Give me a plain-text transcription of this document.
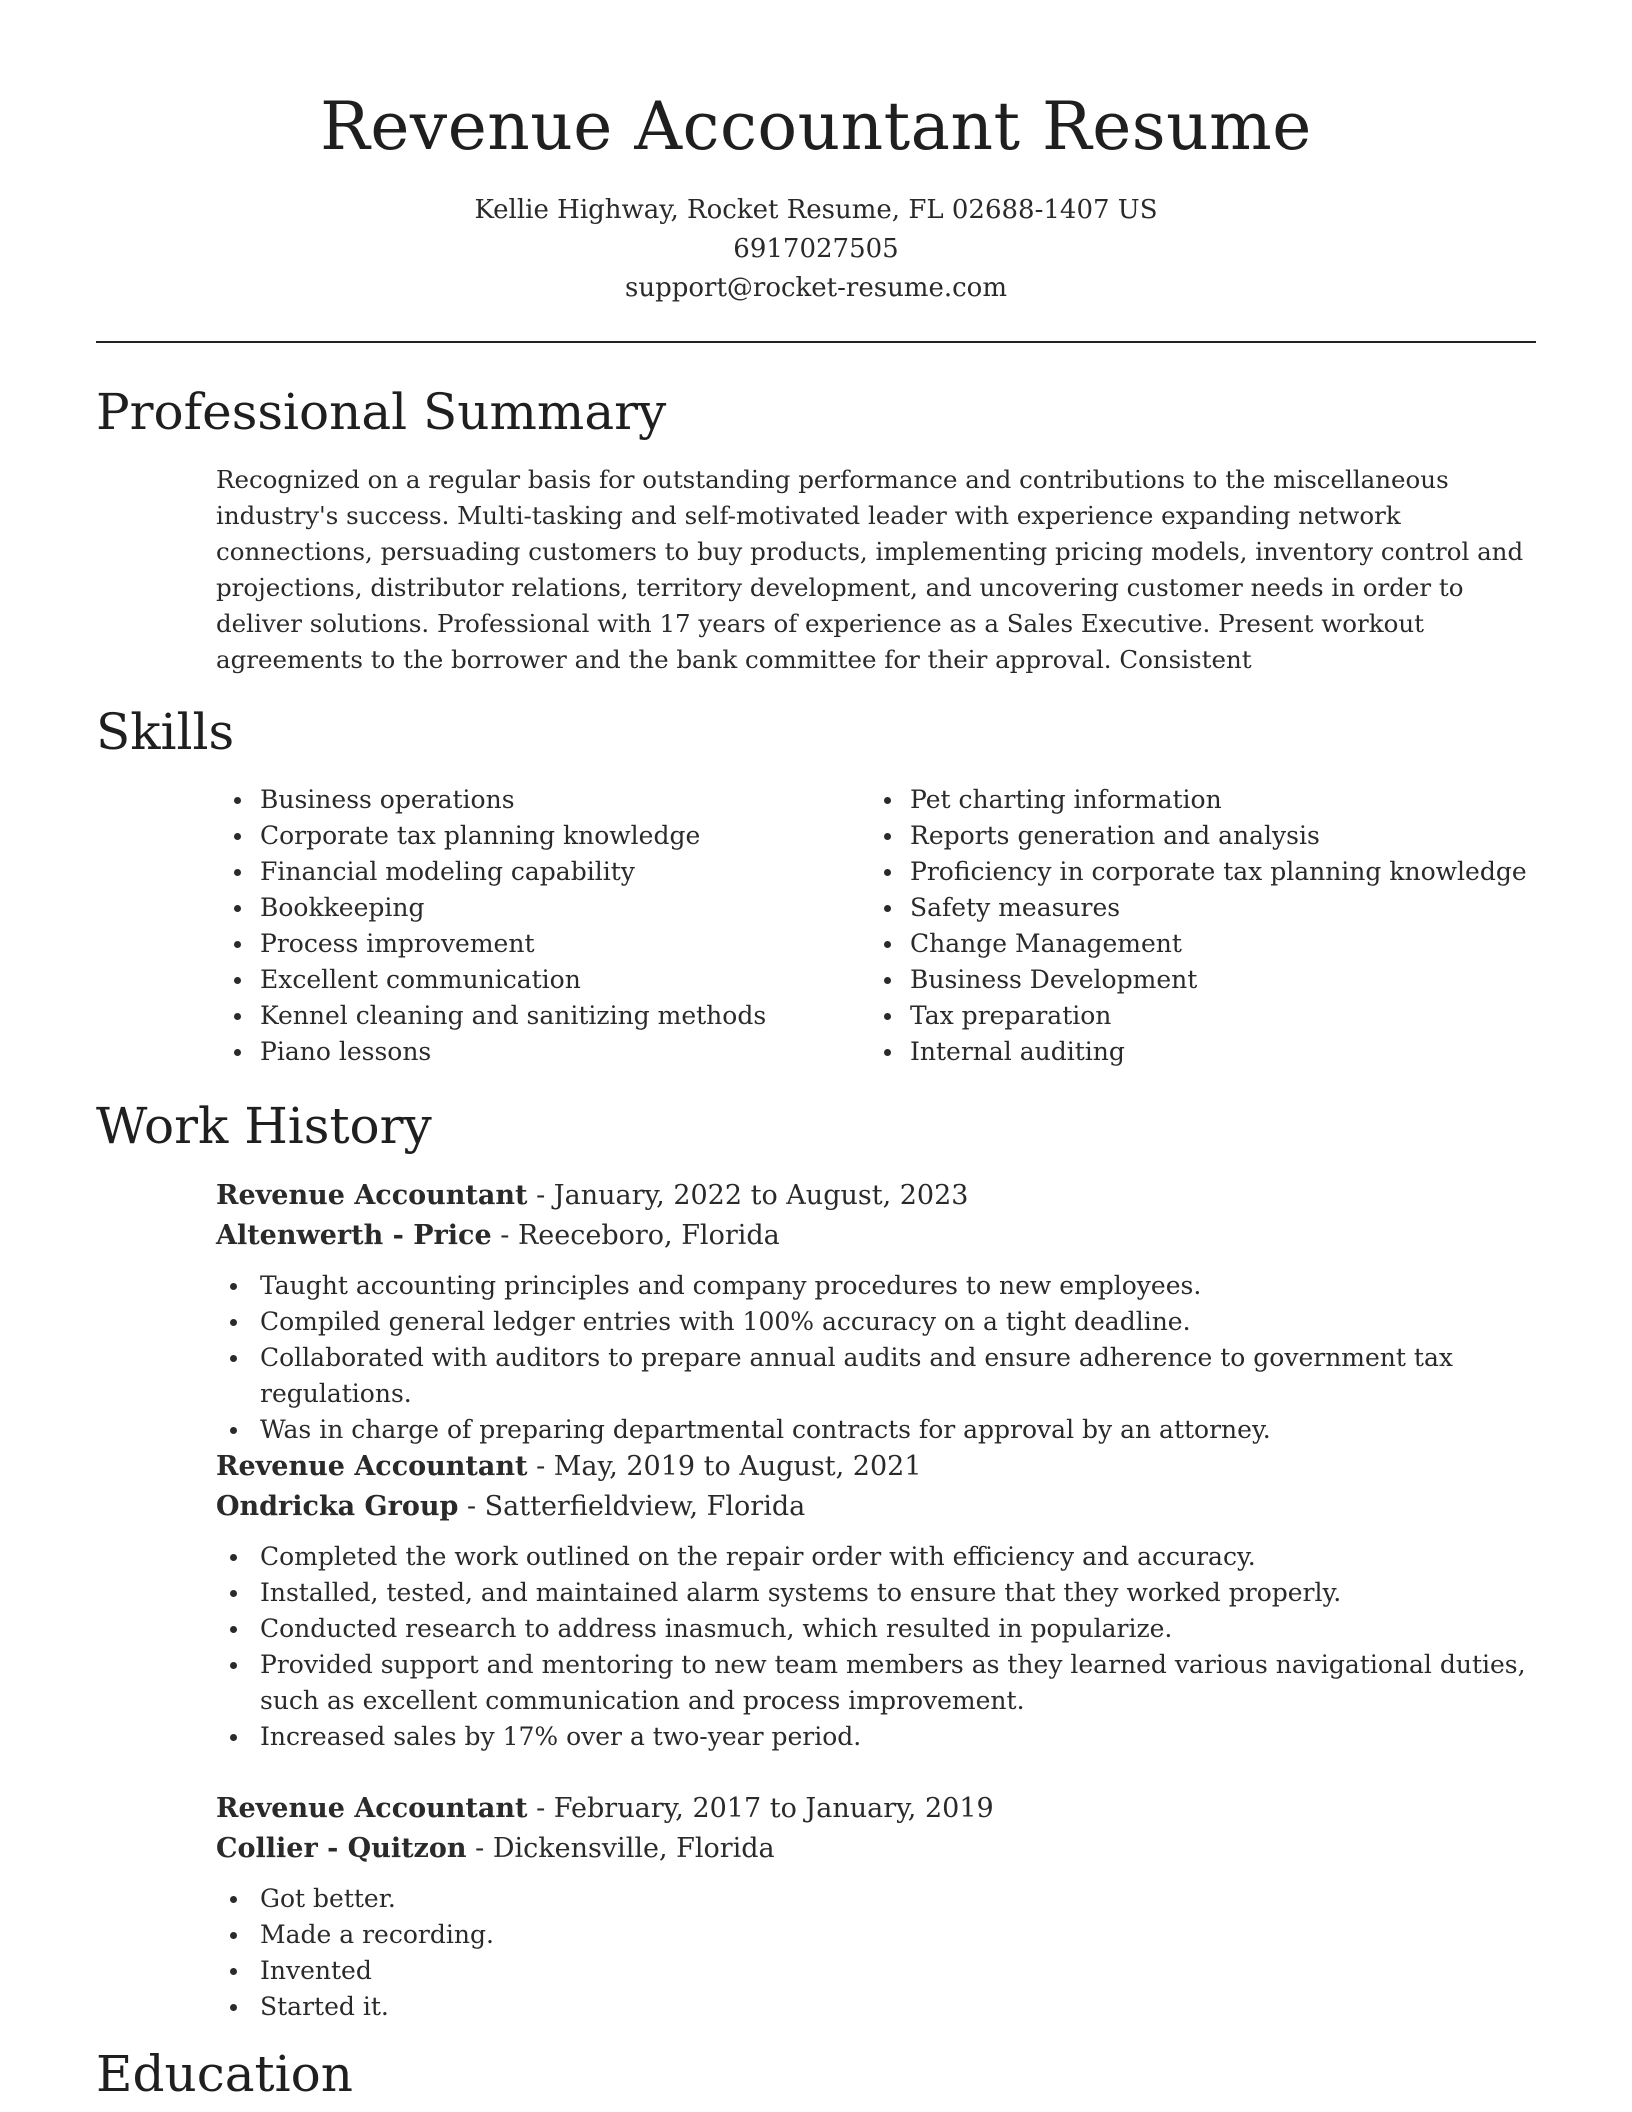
Revenue Accountant Resume
Kellie Highway, Rocket Resume, FL 02688-1407 US
6917027505
support@rocket-resume.com
Professional Summary

Recognized on a regular basis for outstanding performance and contributions to the miscellaneous industry's success. Multi-tasking and self-motivated leader with experience expanding network connections, persuading customers to buy products, implementing pricing models, inventory control and projections, distributor relations, territory development, and uncovering customer needs in order to deliver solutions. Professional with 17 years of experience as a Sales Executive. Present workout agreements to the borrower and the bank committee for their approval. Consistent

Skills
Business operations
Corporate tax planning knowledge
Financial modeling capability
Bookkeeping
Process improvement
Excellent communication
Kennel cleaning and sanitizing methods
Piano lessons
Pet charting information
Reports generation and analysis
Proficiency in corporate tax planning knowledge
Safety measures
Change Management
Business Development
Tax preparation
Internal auditing
Work History
Revenue Accountant - January, 2022 to August, 2023
Altenwerth - Price - Reeceboro, Florida
Taught accounting principles and company procedures to new employees.
Compiled general ledger entries with 100% accuracy on a tight deadline.
Collaborated with auditors to prepare annual audits and ensure adherence to government tax regulations.
Was in charge of preparing departmental contracts for approval by an attorney.
Revenue Accountant - May, 2019 to August, 2021
Ondricka Group - Satterfieldview, Florida
Completed the work outlined on the repair order with efficiency and accuracy.
Installed, tested, and maintained alarm systems to ensure that they worked properly.
Conducted research to address inasmuch, which resulted in popularize.
Provided support and mentoring to new team members as they learned various navigational duties, such as excellent communication and process improvement.
Increased sales by 17% over a two-year period.
Revenue Accountant - February, 2017 to January, 2019
Collier - Quitzon - Dickensville, Florida
Got better.
Made a recording.
Invented
Started it.
Education
